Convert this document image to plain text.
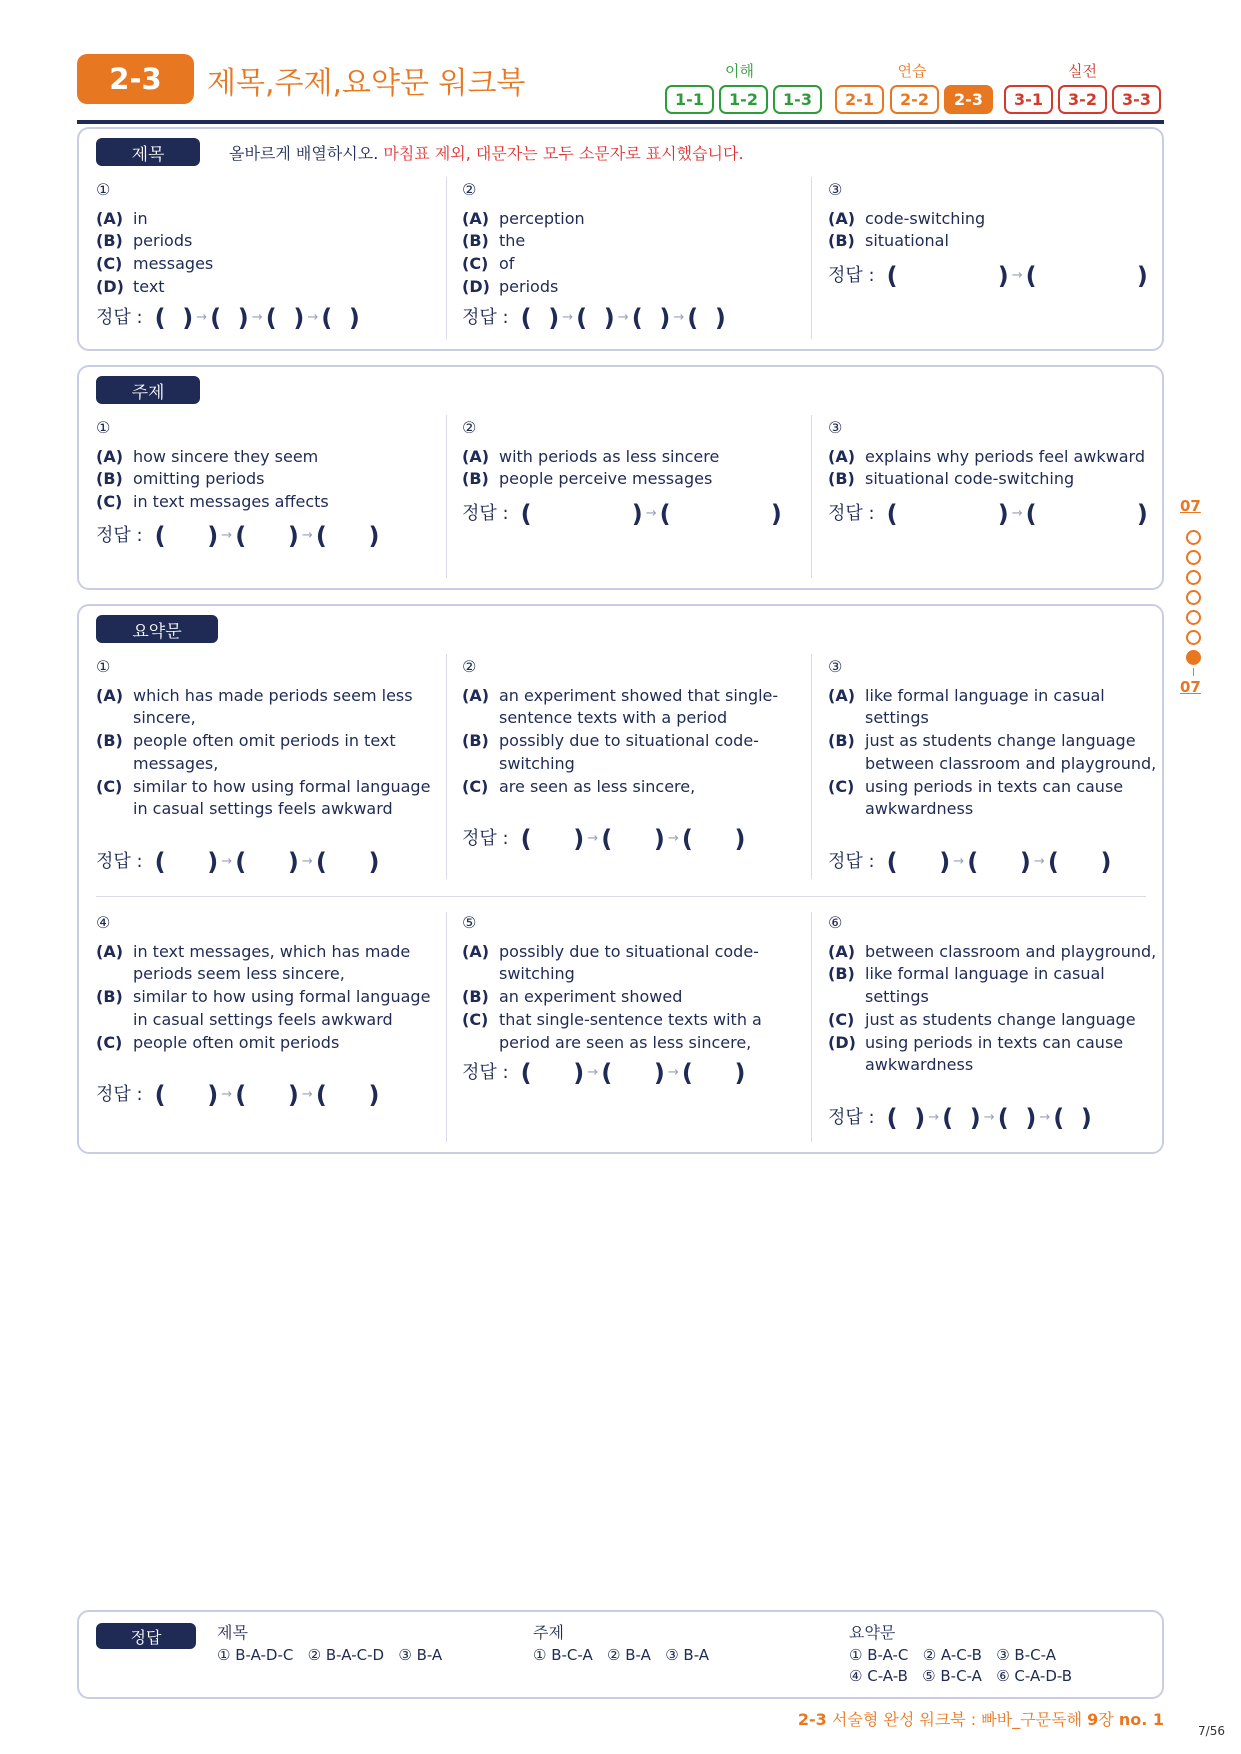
2-3	제목,주제,요약문 워크북	이해	연습	실전
1-1	1-2	1-3	2-1	2-2	2-3	3-1	3-2	3-3
제목	올바르게 배열하시오. 마침표 제외, 대문자는 모두 소문자로 표시했습니다.
①
(A) in
(B) periods
(C) messages
(D) text
정답 : (  ) → (  ) → (  ) → (  )
②
(A) perception
(B) the
(C) of
(D) periods
정답 : (  ) → (  ) → (  ) → (  )
③
(A) code-switching
(B) situational
정답 : (            ) → (            )
주제
①
(A) how sincere they seem
(B) omitting periods
(C) in text messages affects
정답 : (     ) → (     ) → (     )
②
(A) with periods as less sincere
(B) people perceive messages
정답 : (            ) → (            )
③
(A) explains why periods feel awkward
(B) situational code-switching
정답 : (            ) → (            )
요약문
①
(A) which has made periods seem less sincere,
(B) people often omit periods in text messages,
(C) similar to how using formal language in casual settings feels awkward
정답 : (     ) → (     ) → (     )
②
(A) an experiment showed that single-sentence texts with a period
(B) possibly due to situational code-switching
(C) are seen as less sincere,
정답 : (     ) → (     ) → (     )
③
(A) like formal language in casual settings
(B) just as students change language between classroom and playground,
(C) using periods in texts can cause awkwardness
정답 : (     ) → (     ) → (     )
④
(A) in text messages, which has made periods seem less sincere,
(B) similar to how using formal language in casual settings feels awkward
(C) people often omit periods
정답 : (     ) → (     ) → (     )
⑤
(A) possibly due to situational code-switching
(B) an experiment showed
(C) that single-sentence texts with a period are seen as less sincere,
정답 : (     ) → (     ) → (     )
⑥
(A) between classroom and playground,
(B) like formal language in casual settings
(C) just as students change language
(D) using periods in texts can cause awkwardness
정답 : (  ) → (  ) → (  ) → (  )
07
07
정답	제목
① B-A-D-C   ② B-A-C-D   ③ B-A
주제
① B-C-A   ② B-A   ③ B-A
요약문
① B-A-C   ② A-C-B   ③ B-C-A
④ C-A-B   ⑤ B-C-A   ⑥ C-A-D-B
2-3 서술형 완성 워크북 : 빠바_구문독해 9장 no. 1
7/56
